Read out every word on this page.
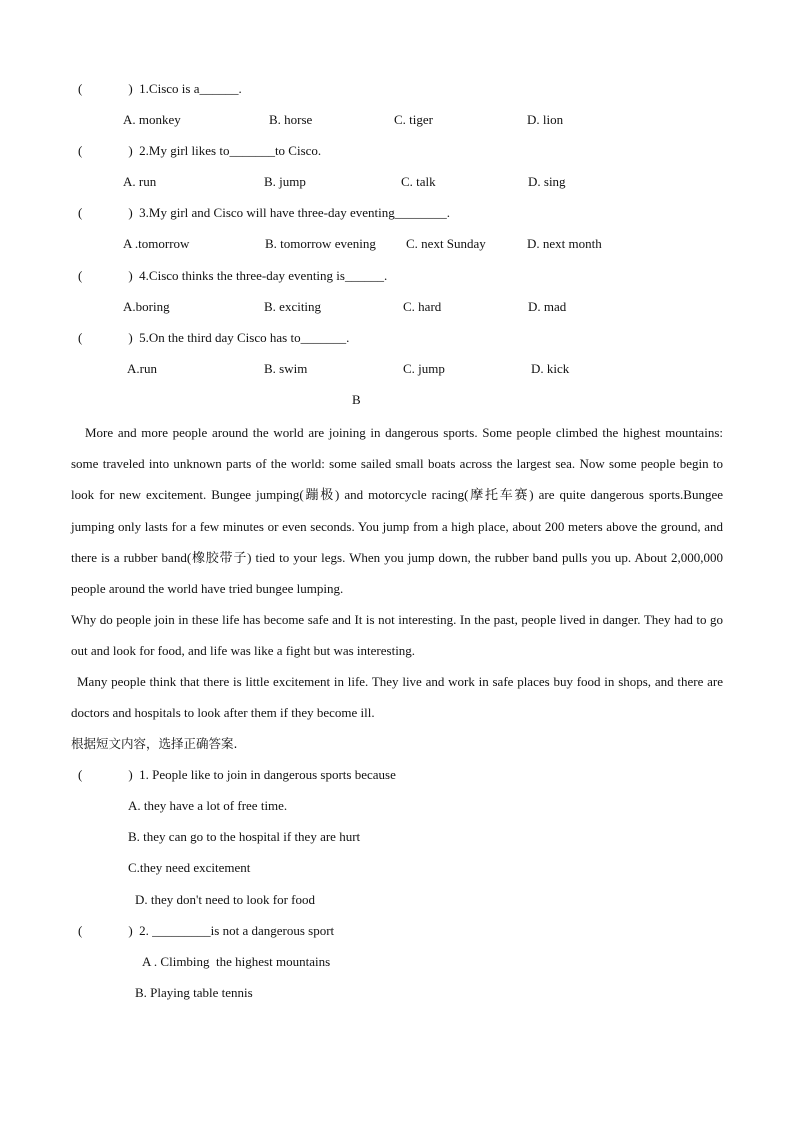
(	)  1.Cisco is a______.

A. monkey

	B. horse

	C. tiger

	D. lion

(	)  2.My girl likes to_______to Cisco.

A. run

	B. jump

	C. talk

	D. sing

(	)  3.My girl and Cisco will have three-day eventing________.

A .tomorrow

	B. tomorrow evening

C. next Sunday

	D. next month

(	)  4.Cisco thinks the three-day eventing is______.

A.boring

	B. exciting

	C. hard

	D. mad

(	)  5.On the third day Cisco has to_______.

A.run

	B. swim

	C. jump

	D. kick

B
More and more people around the world are joining in dangerous sports. Some people climbed the highest mountains: some traveled into unknown parts of the world: some sailed small boats across the largest sea. Now some people begin to look for new excitement. Bungee jumping(蹦极) and motorcycle racing(摩托车赛) are quite dangerous sports.Bungee jumping only lasts for a few minutes or even seconds. You jump from a high place, about 200 meters above the ground, and there is a rubber band(橡胶带子) tied to your legs. When you jump down, the rubber band pulls you up. About 2,000,000 people around the world have tried bungee lumping.
Why do people join in these life has become safe and It is not interesting. In the past, people lived in danger. They had to go out and look for food, and life was like a fight but was interesting.
Many people think that there is little excitement in life. They live and work in safe places buy food in shops, and there are doctors and hospitals to look after them if they become ill.
根据短文内容，选择正确答案.
(	)  1. People like to join in dangerous sports because
A. they have a lot of free time.
B. they can go to the hospital if they are hurt
C.they need excitement
D. they don't need to look for food
(	)  2. _________is not a dangerous sport
A . Climbing  the highest mountains
B. Playing table tennis
